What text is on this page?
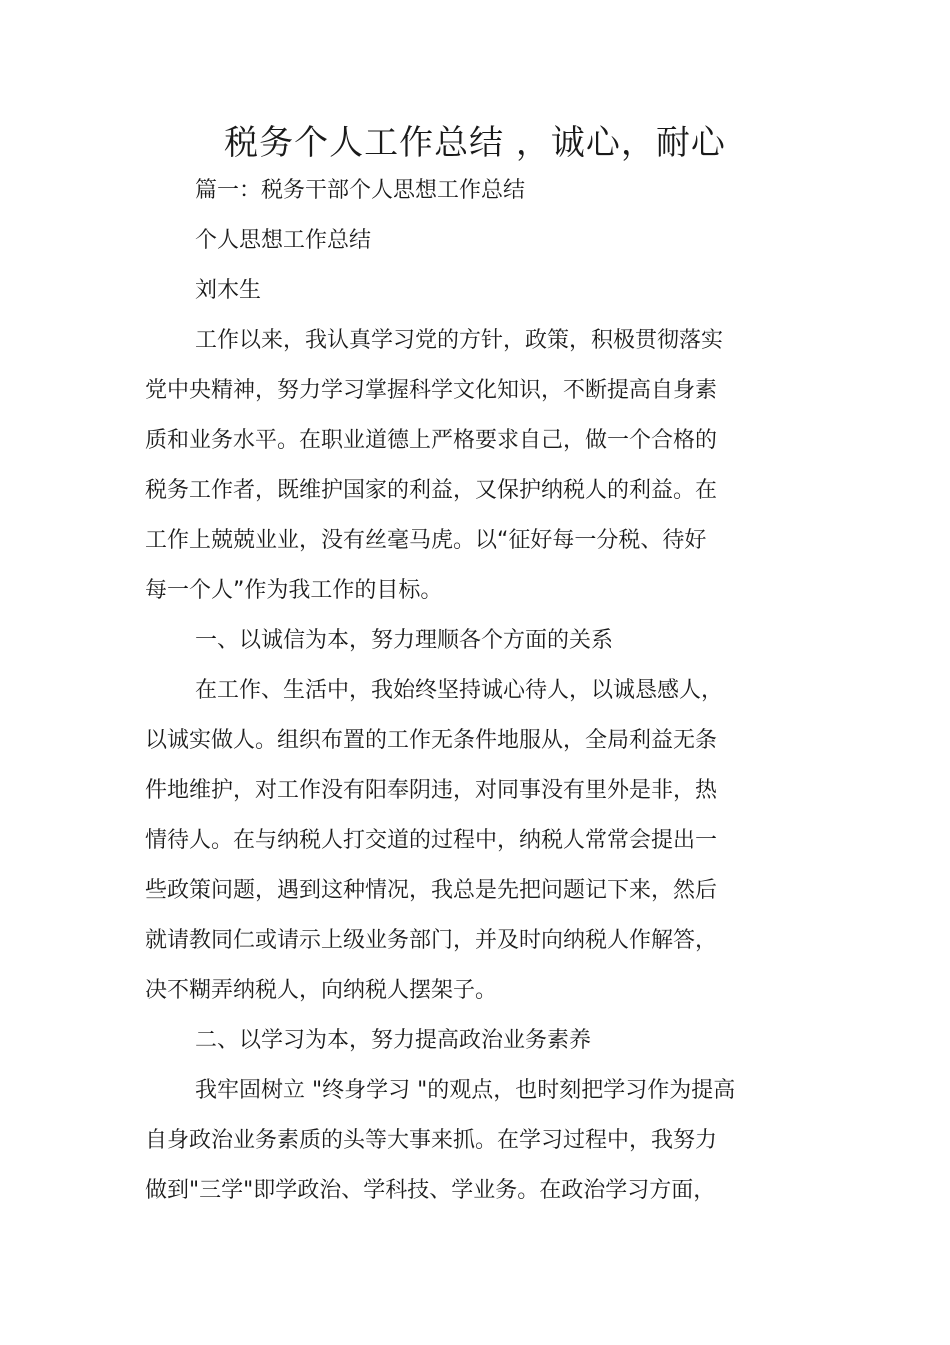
税务个人工作总结 ，诚心，耐心
篇一：税务干部个人思想工作总结
个人思想工作总结
刘木生
工作以来，我认真学习党的方针，政策，积极贯彻落实
党中央精神，努力学习掌握科学文化知识，不断提高自身素
质和业务水平。在职业道德上严格要求自己，做一个合格的
税务工作者，既维护国家的利益，又保护纳税人的利益。在
工作上兢兢业业，没有丝毫马虎。以“征好每一分税、待好
每一个人”作为我工作的目标。
一、以诚信为本，努力理顺各个方面的关系
在工作、生活中，我始终坚持诚心待人，以诚恳感人，
以诚实做人。组织布置的工作无条件地服从，全局利益无条
件地维护，对工作没有阳奉阴违，对同事没有里外是非，热
情待人。在与纳税人打交道的过程中，纳税人常常会提出一
些政策问题，遇到这种情况，我总是先把问题记下来，然后
就请教同仁或请示上级业务部门，并及时向纳税人作解答，
决不糊弄纳税人，向纳税人摆架子。
二、以学习为本，努力提高政治业务素养
我牢固树立 "终身学习 "的观点，也时刻把学习作为提高
自身政治业务素质的头等大事来抓。在学习过程中，我努力
做到"三学"即学政治、学科技、学业务。在政治学习方面，
